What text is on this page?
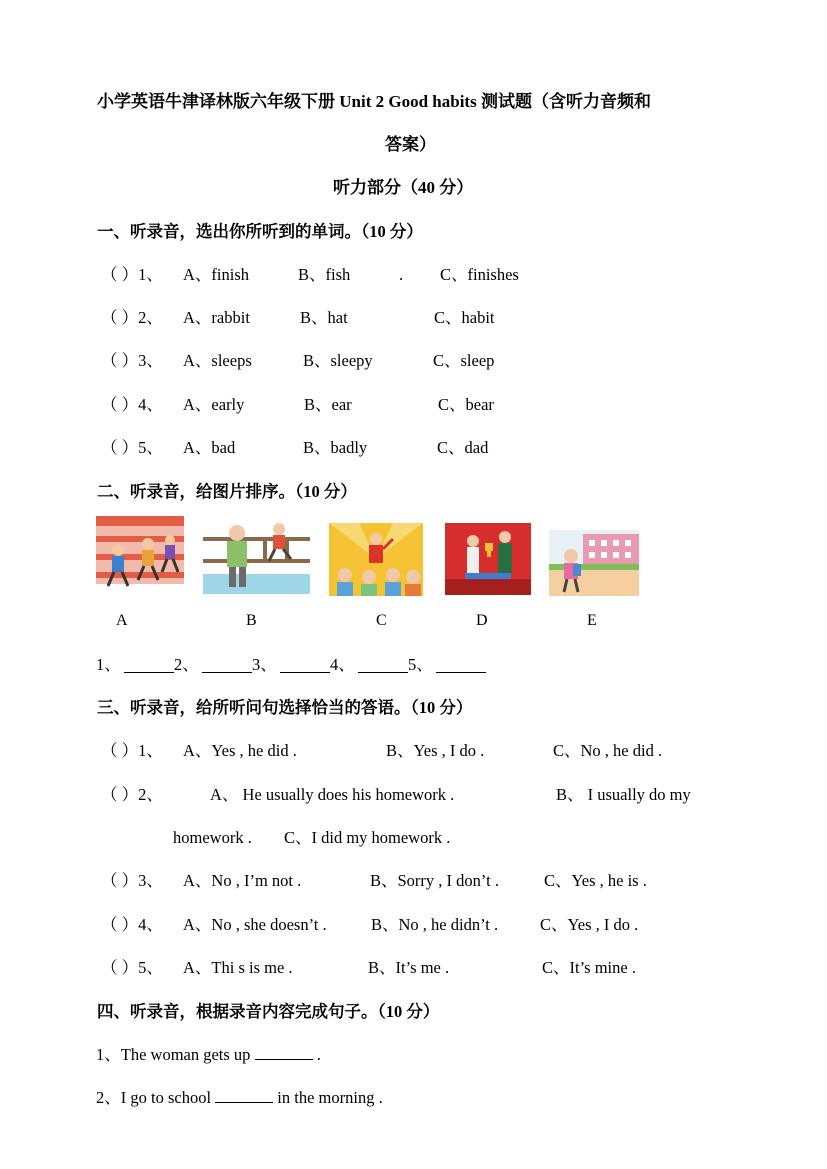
小学英语牛津译林版六年级下册 Unit 2 Good habits 测试题（含听力音频和
答案）
听力部分（40 分）
一、听录音，选出你所听到的单词。（10 分）
（ ）1、 A、finish	B、fish	. C、finishes
（ ）2、 A、rabbit	B、hat	C、habit
（ ）3、 A、sleeps	B、sleepy	C、sleep
（ ）4、 A、early	B、ear	C、bear
（ ）5、 A、bad	B、badly	C、dad
二、听录音，给图片排序。（10 分）
A	B	C	D	E
1、	2、	3、	4、	5、
三、听录音，给所听问句选择恰当的答语。（10 分）
（ ）1、 A、Yes , he did .	B、Yes , I do .	C、No , he did .
（ ）2、	A、 He usually does his homework .	B、 I usually do my
homework . C、I did my homework .
（ ）3、 A、No , I’m not .	B、Sorry , I don’t .	C、Yes , he is .
（ ）4、 A、No , she doesn’t .	B、No , he didn’t .	C、Yes , I do .
（ ）5、 A、Thi s is me .	B、It’s me .	C、It’s mine .
四、听录音，根据录音内容完成句子。（10 分）
1、The woman gets up	.
2、I go to school	in the morning .
